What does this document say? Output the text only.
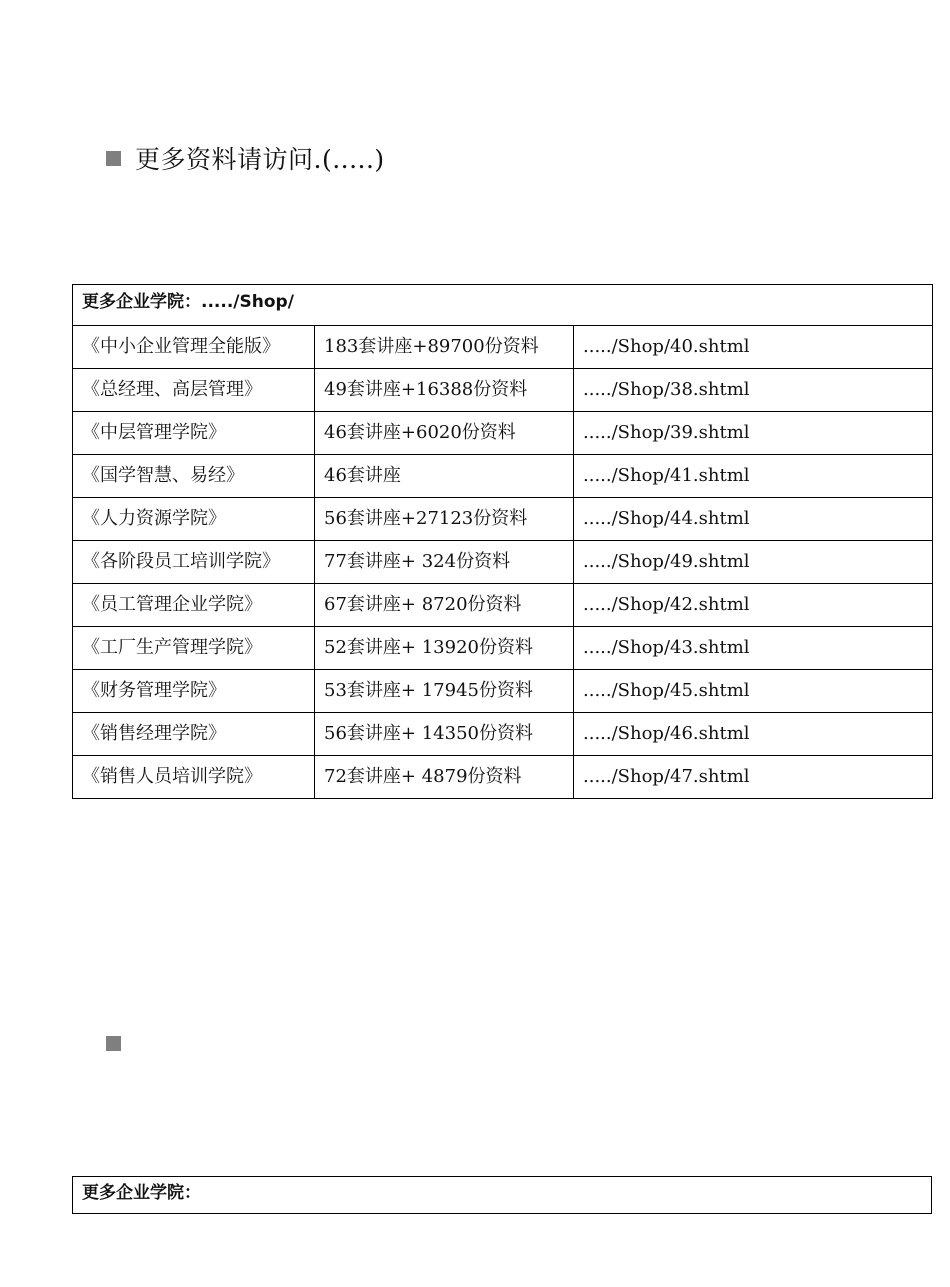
更多资料请访问.(.....)
更多企业学院：...../Shop/		
《中小企业管理全能版》	183套讲座+89700份资料	...../Shop/40.shtml
《总经理、高层管理》	49套讲座+16388份资料	...../Shop/38.shtml
《中层管理学院》	46套讲座+6020份资料	...../Shop/39.shtml
《国学智慧、易经》	46套讲座	...../Shop/41.shtml
《人力资源学院》	56套讲座+27123份资料	...../Shop/44.shtml
《各阶段员工培训学院》	77套讲座+ 324份资料	...../Shop/49.shtml
《员工管理企业学院》	67套讲座+ 8720份资料	...../Shop/42.shtml
《工厂生产管理学院》	52套讲座+ 13920份资料	...../Shop/43.shtml
《财务管理学院》	53套讲座+ 17945份资料	...../Shop/45.shtml
《销售经理学院》	56套讲座+ 14350份资料	...../Shop/46.shtml
《销售人员培训学院》	72套讲座+ 4879份资料	...../Shop/47.shtml
更多企业学院：
